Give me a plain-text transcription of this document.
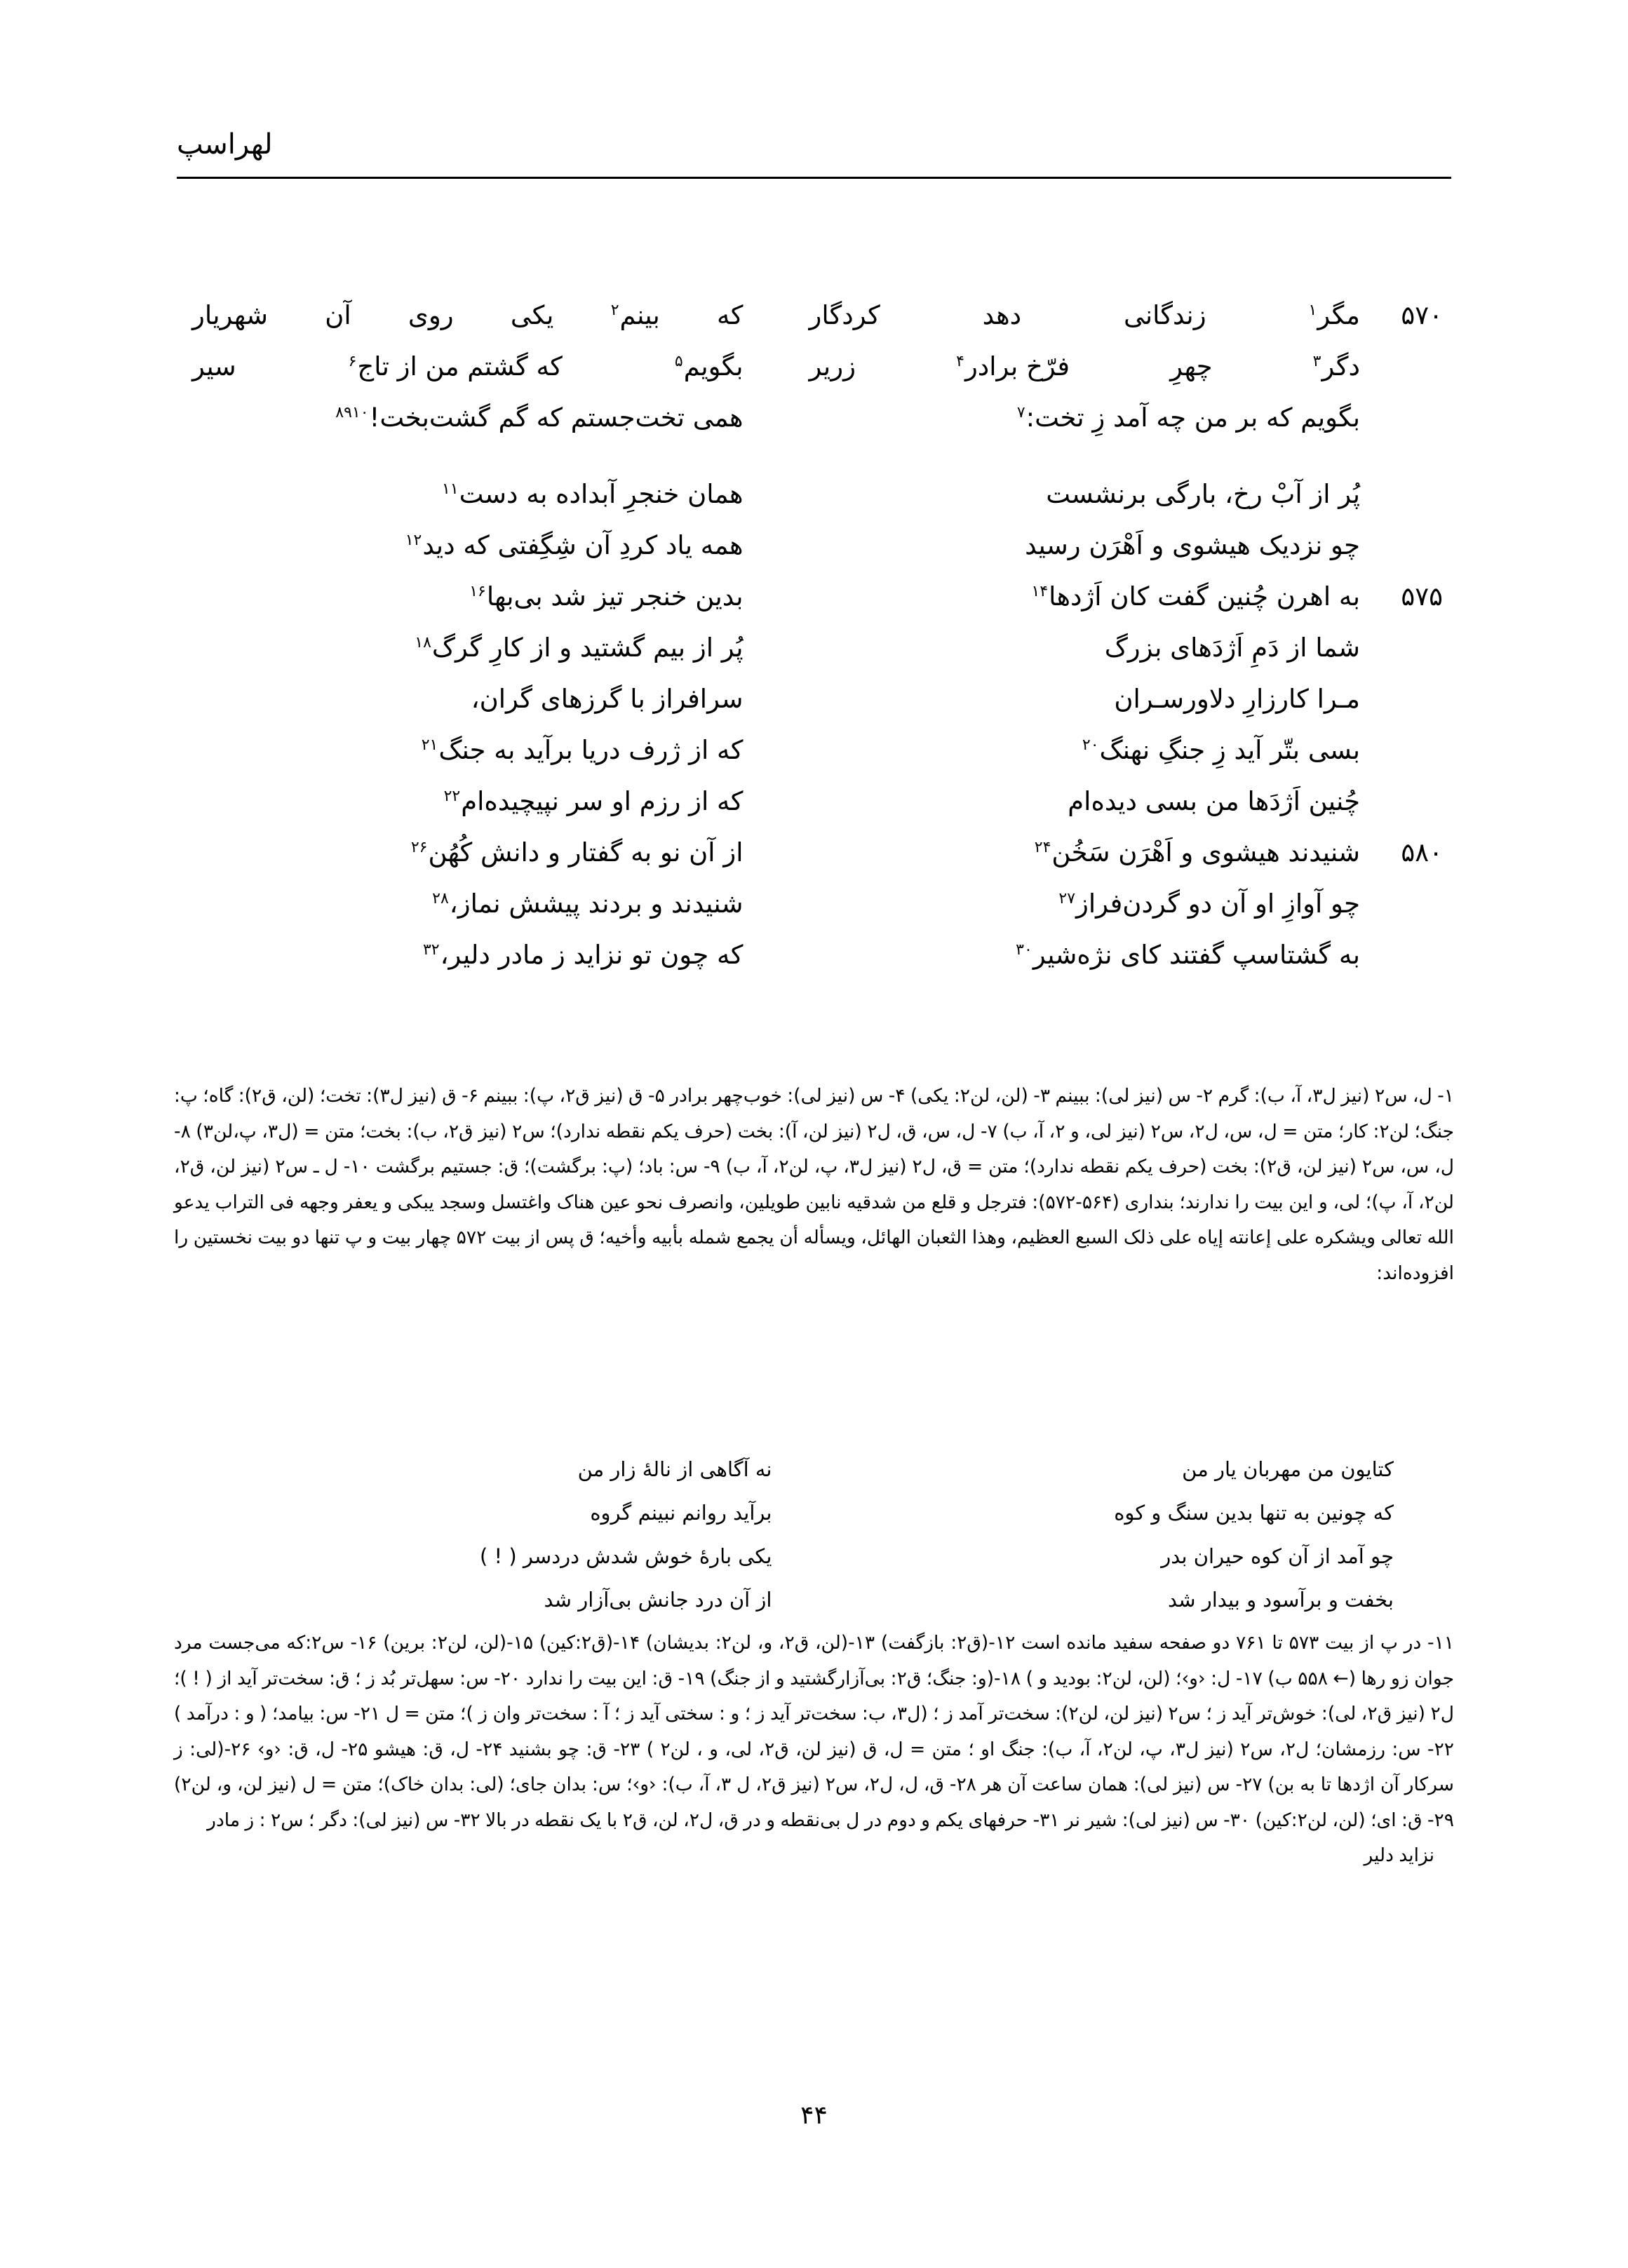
لهراسپ
۵۷۰
مگر$^۱$
زندگانی
دهد
کردگار
که
بینم$^۲$
یکی
روی
آن
شهریار
دگر$^۳$
چهرِ
فرّخ برادر$^۴$
زریر
بگویم$^۵$
که گشتم من از تاج$^۶$
سیر
بگویم که بر من چه آمد زِ تخت:$^۷$
همی تخت‌جستم که گم گشت‌بخت!$^{۸۹۱۰}$
پُر از آبْ رخ، بارگی برنشست
همان خنجرِ آبداده به دست$^{۱۱}$
چو نزدیک هیشوی و اَهْرَن رسید
همه یاد کردِ آن شِگِفتی که دید$^{۱۲}$
۵۷۵
به اهرن چُنین گفت کان اَژدها$^{۱۴}$
بدین خنجر تیز شد بی‌بها$^{۱۶}$
شما از دَمِ اَژدَهای بزرگ
پُر از بیم گشتید و از کارِ گرگ$^{۱۸}$
مـرا کارزارِ دلاورسـران
سرافراز با گرزهای گران،
بسی بتّر آید زِ جنگِ نهنگ$^{۲۰}$
که از ژرف دریا برآید به جنگ$^{۲۱}$
چُنین اَژدَها من بسی دیده‌ام
که از رزم او سر نپیچیده‌ام$^{۲۲}$
۵۸۰
شنیدند هیشوی و اَهْرَن سَخُن$^{۲۴}$
از آن نو به گفتار و دانش کُهُن$^{۲۶}$
چو آوازِ او آن دو گردن‌فراز$^{۲۷}$
شنیدند و بردند پیشش نماز،$^{۲۸}$
به گشتاسپ گفتند کای نژه‌شیر$^{۳۰}$
که چون تو نزاید ز مادر دلیر،$^{۳۲}$

۱- ل، س۲ (نیز ل۳، آ، ب): گرم ۲- س (نیز لی): ببینم ۳- (لن، لن۲: یکی) ۴- س (نیز لی): خوب‌چهر برادر ۵- ق (نیز ق۲، پ): ببینم ۶- ق (نیز ل۳): تخت؛ (لن، ق۲): گاه؛ پ: جنگ؛ لن۲: کار؛ متن = ل، س، ل۲، س۲ (نیز لی، و ۲، آ، ب) ۷- ل، س، ق، ل۲ (نیز لن، آ): بخت (حرف یکم نقطه ندارد)؛ س۲ (نیز ق۲، ب): بخت؛ متن = (ل۳، پ،‌لن۳) ۸- ل، س، س۲ (نیز لن، ق۲): بخت (حرف یکم نقطه ندارد)؛ متن = ق، ل۲ (نیز ل۳، پ، لن۲، آ، ب) ۹- س: باد؛ (پ: برگشت)؛ ق: جستیم برگشت ۱۰- ل ـ س۲ (نیز لن، ق۲، لن۲، آ، پ)؛ لی، و این بیت را ندارند؛ بنداری (۵۶۴-۵۷۲): فترجل و قلع من شدقیه نابین طویلین، وانصرف نحو عین هناک واغتسل وسجد یبکی و یعفر وجهه فی التراب یدعو الله تعالی ویشکره علی إعانته إیاه علی ذلک السبع العظیم، وهذا الثعبان الهائل، ویسأله أن یجمع شمله بأبیه وأخیه؛ ق پس از بیت ۵۷۲ چهار بیت و پ تنها دو بیت نخستین را افزوده‌اند:

کتایون من مهربان یار من
نه آگاهی از نالهٔ زار من
که چونین به تنها بدین سنگ و کوه
برآید روانم نبینم گروه
چو آمد از آن کوه حیران بدر
یکی بارهٔ خوش شدش دردسر ( ! )
بخفت و برآسود و بیدار شد
از آن درد جانش بی‌آزار شد

۱۱- در پ از بیت ۵۷۳ تا ۷۶۱ دو صفحه سفید مانده است ۱۲-(ق۲: بازگفت) ۱۳-(لن، ق۲، و، لن۲: بدیشان) ۱۴-(ق۲:کین) ۱۵-(لن، لن۲: برین) ۱۶- س۲:که می‌جست مرد جوان زو رها (← ۵۵۸ ب) ۱۷- ل: ‹و›؛ (لن، لن۲: بودید و ) ۱۸-(و: جنگ؛ ق۲: بی‌آزارگشتید و از جنگ) ۱۹- ق: این بیت را ندارد ۲۰- س: سهل‌تر بُد ز ؛ ق: سخت‌تر آید از ( ! )؛ ل۲ (نیز ق۲، لی): خوش‌تر آید ز ؛ س۲ (نیز لن، لن۲): سخت‌تر آمد ز ؛ (ل۳، ب: سخت‌تر آید ز ؛ و : سختی آید ز ؛ آ : سخت‌تر وان ز )؛ متن = ل ۲۱- س: بیامد؛ ( و : درآمد ) ۲۲- س: رزمشان؛ ل۲، س۲ (نیز ل۳، پ، لن۲، آ، ب): جنگ او ؛ متن = ل، ق (نیز لن، ق۲، لی، و ، لن۲ ) ۲۳- ق: چو بشنید ۲۴- ل، ق: هیشو ۲۵- ل، ق: ‹و› ۲۶-(لی: ز سرکار آن اژدها تا به بن) ۲۷- س (نیز لی): همان ساعت آن هر ۲۸- ق، ل، ل۲، س۲ (نیز ق۲، ل ۳، آ، ب): ‹و›؛ س: بدان جای؛ (لی: بدان خاک)؛ متن = ل (نیز لن، و، لن۲) ۲۹- ق: ای؛ (لن، لن۲:کین) ۳۰- س (نیز لی): شیر نر ۳۱- حرفهای یکم و دوم در ل بی‌نقطه و در ق، ل۲، لن، ق۲ با یک نقطه در بالا ۳۲- س (نیز لی): دگر ؛ س۲ : ز مادر

نزاید دلیر

۴۴
